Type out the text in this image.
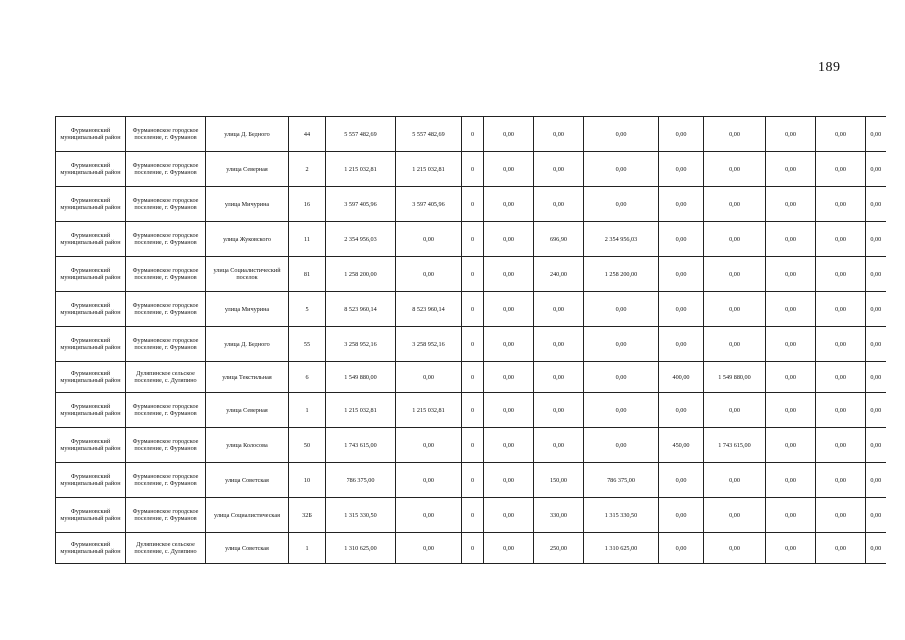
189
Фурмановский муниципальный район	Фурмановское городское поселение, г. Фурманов	улица Д. Бедного	44	5 557 482,69	5 557 482,69	0	0,00	0,00	0,00	0,00	0,00	0,00	0,00	0,00
Фурмановский муниципальный район	Фурмановское городское поселение, г. Фурманов	улица Северная	2	1 215 032,81	1 215 032,81	0	0,00	0,00	0,00	0,00	0,00	0,00	0,00	0,00
Фурмановский муниципальный район	Фурмановское городское поселение, г. Фурманов	улица Мичурина	16	3 597 405,96	3 597 405,96	0	0,00	0,00	0,00	0,00	0,00	0,00	0,00	0,00
Фурмановский муниципальный район	Фурмановское городское поселение, г. Фурманов	улица Жуковского	11	2 354 956,03	0,00	0	0,00	696,90	2 354 956,03	0,00	0,00	0,00	0,00	0,00
Фурмановский муниципальный район	Фурмановское городское поселение, г. Фурманов	улица Социалистический поселок	81	1 258 200,00	0,00	0	0,00	240,00	1 258 200,00	0,00	0,00	0,00	0,00	0,00
Фурмановский муниципальный район	Фурмановское городское поселение, г. Фурманов	улица Мичурина	5	8 523 960,14	8 523 960,14	0	0,00	0,00	0,00	0,00	0,00	0,00	0,00	0,00
Фурмановский муниципальный район	Фурмановское городское поселение, г. Фурманов	улица Д. Бедного	55	3 258 952,16	3 258 952,16	0	0,00	0,00	0,00	0,00	0,00	0,00	0,00	0,00
Фурмановский муниципальный район	Дуляпинское сельское поселение, с. Дуляпино	улица Текстильная	6	1 549 880,00	0,00	0	0,00	0,00	0,00	400,00	1 549 880,00	0,00	0,00	0,00
Фурмановский муниципальный район	Фурмановское городское поселение, г. Фурманов	улица Северная	1	1 215 032,81	1 215 032,81	0	0,00	0,00	0,00	0,00	0,00	0,00	0,00	0,00
Фурмановский муниципальный район	Фурмановское городское поселение, г. Фурманов	улица Колосова	50	1 743 615,00	0,00	0	0,00	0,00	0,00	450,00	1 743 615,00	0,00	0,00	0,00
Фурмановский муниципальный район	Фурмановское городское поселение, г. Фурманов	улица Советская	10	786 375,00	0,00	0	0,00	150,00	786 375,00	0,00	0,00	0,00	0,00	0,00
Фурмановский муниципальный район	Фурмановское городское поселение, г. Фурманов	улица Социалистическая	32Б	1 315 330,50	0,00	0	0,00	330,00	1 315 330,50	0,00	0,00	0,00	0,00	0,00
Фурмановский муниципальный район	Дуляпинское сельское поселение, с. Дуляпино	улица Советская	1	1 310 625,00	0,00	0	0,00	250,00	1 310 625,00	0,00	0,00	0,00	0,00	0,00
